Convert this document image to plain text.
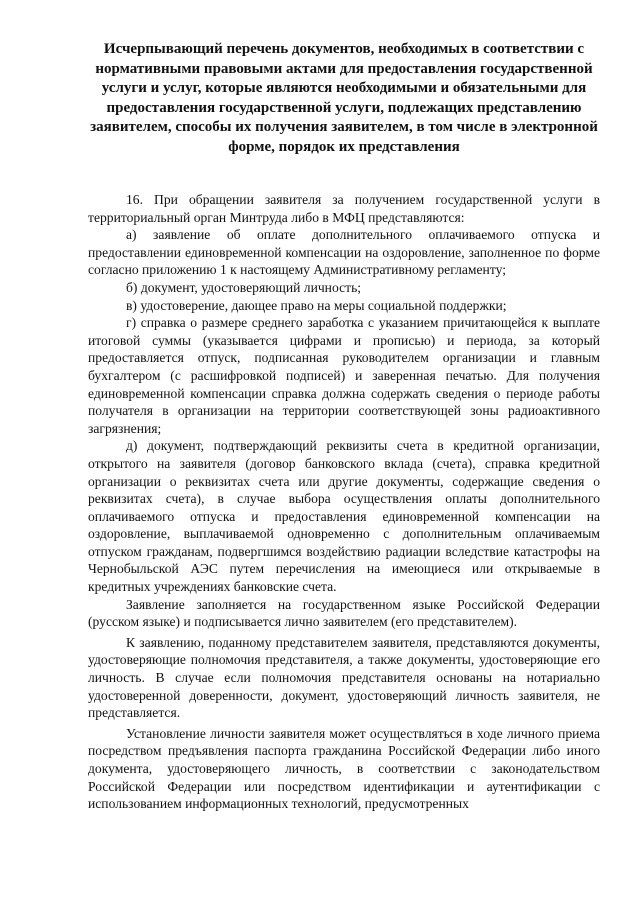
Исчерпывающий перечень документов, необходимых в соответствии с нормативными правовыми актами для предоставления государственной услуги и услуг, которые являются необходимыми и обязательными для предоставления государственной услуги, подлежащих представлению заявителем, способы их получения заявителем, в том числе в электронной форме, порядок их представления

16. При обращении заявителя за получением государственной услуги в территориальный орган Минтруда либо в МФЦ представляются:

а) заявление об оплате дополнительного оплачиваемого отпуска и предоставлении единовременной компенсации на оздоровление, заполненное по форме согласно приложению 1 к настоящему Административному регламенту;

б) документ, удостоверяющий личность;

в) удостоверение, дающее право на меры социальной поддержки;

г) справка о размере среднего заработка с указанием причитающейся к выплате итоговой суммы (указывается цифрами и прописью) и периода, за который предоставляется отпуск, подписанная руководителем организации и главным бухгалтером (с расшифровкой подписей) и заверенная печатью. Для получения единовременной компенсации справка должна содержать сведения о периоде работы получателя в организации на территории соответствующей зоны радиоактивного загрязнения;

д) документ, подтверждающий реквизиты счета в кредитной организации, открытого на заявителя (договор банковского вклада (счета), справка кредитной организации о реквизитах счета или другие документы, содержащие сведения о реквизитах счета), в случае выбора осуществления оплаты дополнительного оплачиваемого отпуска и предоставления единовременной компенсации на оздоровление, выплачиваемой одновременно с дополнительным оплачиваемым отпуском гражданам, подвергшимся воздействию радиации вследствие катастрофы на Чернобыльской АЭС путем перечисления на имеющиеся или открываемые в кредитных учреждениях банковские счета.

Заявление заполняется на государственном языке Российской Федерации (русском языке) и подписывается лично заявителем (его представителем).

К заявлению, поданному представителем заявителя, представляются документы, удостоверяющие полномочия представителя, а также документы, удостоверяющие его личность. В случае если полномочия представителя основаны на нотариально удостоверенной доверенности, документ, удостоверяющий личность заявителя, не представляется.

Установление личности заявителя может осуществляться в ходе личного приема посредством предъявления паспорта гражданина Российской Федерации либо иного документа, удостоверяющего личность, в соответствии с законодательством Российской Федерации или посредством идентификации и аутентификации с использованием информационных технологий, предусмотренных
